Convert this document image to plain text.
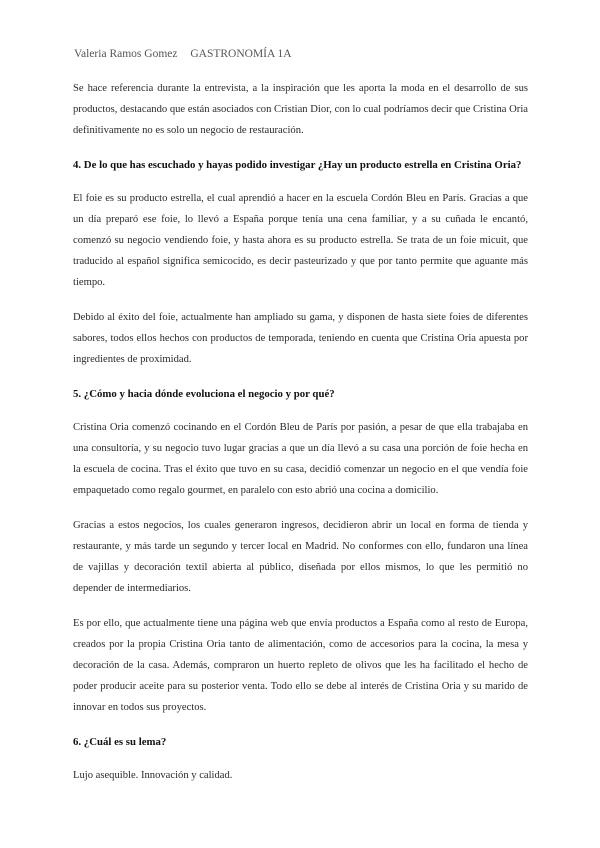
Valeria Ramos Gomez GASTRONOMÍA 1A

Se hace referencia durante la entrevista, a la inspiración que les aporta la moda en el desarrollo de sus productos, destacando que están asociados con Cristian Dior, con lo cual podríamos decir que Cristina Oria definitivamente no es solo un negocio de restauración.

4. De lo que has escuchado y hayas podido investigar ¿Hay un producto estrella en Cristina Oria?

El foie es su producto estrella, el cual aprendió a hacer en la escuela Cordón Bleu en París. Gracias a que un día preparó ese foie, lo llevó a España porque tenía una cena familiar, y a su cuñada le encantó, comenzó su negocio vendiendo foie, y hasta ahora es su producto estrella. Se trata de un foie micuit, que traducido al español significa semicocido, es decir pasteurizado y que por tanto permite que aguante más tiempo.

Debido al éxito del foie, actualmente han ampliado su gama, y disponen de hasta siete foies de diferentes sabores, todos ellos hechos con productos de temporada, teniendo en cuenta que Cristina Oria apuesta por ingredientes de proximidad.

5. ¿Cómo y hacia dónde evoluciona el negocio y por qué?

Cristina Oria comenzó cocinando en el Cordón Bleu de París por pasión, a pesar de que ella trabajaba en una consultoría, y su negocio tuvo lugar gracias a que un día llevó a su casa una porción de foie hecha en la escuela de cocina. Tras el éxito que tuvo en su casa, decidió comenzar un negocio en el que vendía foie empaquetado como regalo gourmet, en paralelo con esto abrió una cocina a domicilio.

Gracias a estos negocios, los cuales generaron ingresos, decidieron abrir un local en forma de tienda y restaurante, y más tarde un segundo y tercer local en Madrid. No conformes con ello, fundaron una línea de vajillas y decoración textil abierta al público, diseñada por ellos mismos, lo que les permitió no depender de intermediarios.

Es por ello, que actualmente tiene una página web que envía productos a España como al resto de Europa, creados por la propia Cristina Oria tanto de alimentación, como de accesorios para la cocina, la mesa y decoración de la casa. Además, compraron un huerto repleto de olivos que les ha facilitado el hecho de poder producir aceite para su posterior venta. Todo ello se debe al interés de Cristina Oria y su marido de innovar en todos sus proyectos.

6. ¿Cuál es su lema?

Lujo asequible. Innovación y calidad.
